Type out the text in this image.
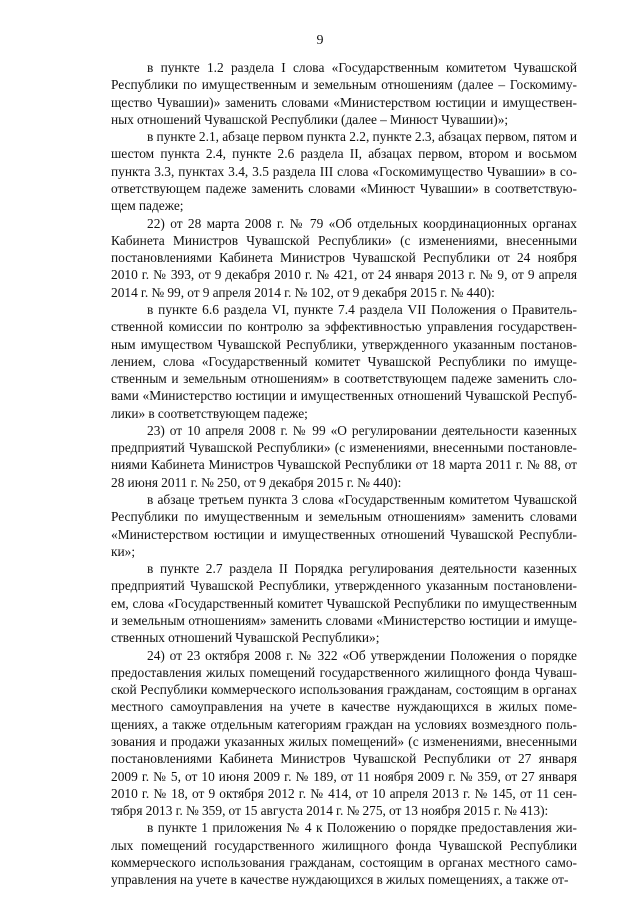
9

в пункте 1.2 раздела I слова «Государственным комитетом Чувашской Республики по имущественным и земельным отношениям (далее – Госкомимущество Чувашии)» заменить словами «Министерством юстиции и имущественных отношений Чувашской Республики (далее – Минюст Чувашии)»;

в пункте 2.1, абзаце первом пункта 2.2, пункте 2.3, абзацах первом, пятом и шестом пункта 2.4, пункте 2.6 раздела II, абзацах первом, втором и восьмом пункта 3.3, пунктах 3.4, 3.5 раздела III слова «Госкомимущество Чувашии» в соответствующем падеже заменить словами «Минюст Чувашии» в соответствующем падеже;

22) от 28 марта 2008 г. № 79 «Об отдельных координационных органах Кабинета Министров Чувашской Республики» (с изменениями, внесенными постановлениями Кабинета Министров Чувашской Республики от 24 ноября 2010 г. № 393, от 9 декабря 2010 г. № 421, от 24 января 2013 г. № 9, от 9 апреля 2014 г. № 99, от 9 апреля 2014 г. № 102, от 9 декабря 2015 г. № 440):

в пункте 6.6 раздела VI, пункте 7.4 раздела VII Положения о Правительственной комиссии по контролю за эффективностью управления государственным имуществом Чувашской Республики, утвержденного указанным постановлением, слова «Государственный комитет Чувашской Республики по имущественным и земельным отношениям» в соответствующем падеже заменить словами «Министерство юстиции и имущественных отношений Чувашской Республики» в соответствующем падеже;

23) от 10 апреля 2008 г. № 99 «О регулировании деятельности казенных предприятий Чувашской Республики» (с изменениями, внесенными постановлениями Кабинета Министров Чувашской Республики от 18 марта 2011 г. № 88, от 28 июня 2011 г. № 250, от 9 декабря 2015 г. № 440):

в абзаце третьем пункта 3 слова «Государственным комитетом Чувашской Республики по имущественным и земельным отношениям» заменить словами «Министерством юстиции и имущественных отношений Чувашской Республики»;

в пункте 2.7 раздела II Порядка регулирования деятельности казенных предприятий Чувашской Республики, утвержденного указанным постановлением, слова «Государственный комитет Чувашской Республики по имущественным и земельным отношениям» заменить словами «Министерство юстиции и имущественных отношений Чувашской Республики»;

24) от 23 октября 2008 г. № 322 «Об утверждении Положения о порядке предоставления жилых помещений государственного жилищного фонда Чувашской Республики коммерческого использования гражданам, состоящим в органах местного самоуправления на учете в качестве нуждающихся в жилых помещениях, а также отдельным категориям граждан на условиях возмездного пользования и продажи указанных жилых помещений» (с изменениями, внесенными постановлениями Кабинета Министров Чувашской Республики от 27 января 2009 г. № 5, от 10 июня 2009 г. № 189, от 11 ноября 2009 г. № 359, от 27 января 2010 г. № 18, от 9 октября 2012 г. № 414, от 10 апреля 2013 г. № 145, от 11 сентября 2013 г. № 359, от 15 августа 2014 г. № 275, от 13 ноября 2015 г. № 413):

в пункте 1 приложения № 4 к Положению о порядке предоставления жилых помещений государственного жилищного фонда Чувашской Республики коммерческого использования гражданам, состоящим в органах местного самоуправления на учете в качестве нуждающихся в жилых помещениях, а также от-
